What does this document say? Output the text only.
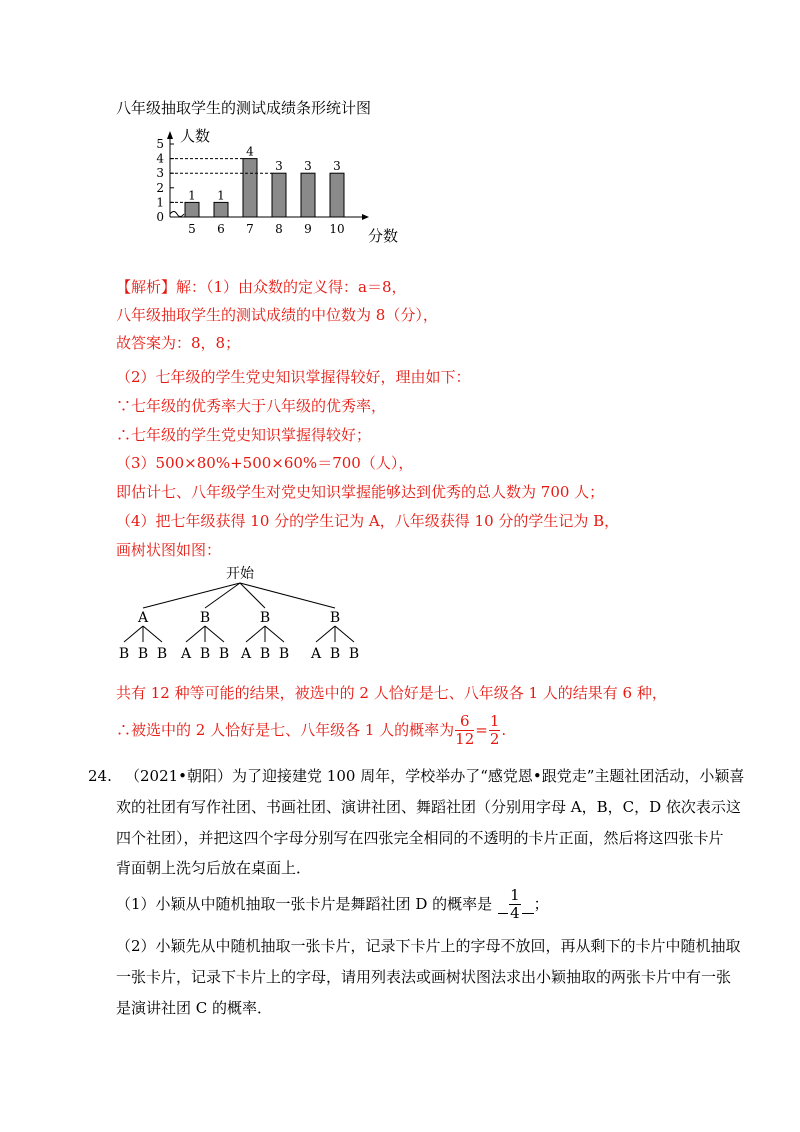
八年级抽取学生的测试成绩条形统计图
人数
分数
0
1
2
3
4
5
1
5
1
6
4
7
3
8
3
9
3
10
【解析】解：（1）由众数的定义得：a＝8，
八年级抽取学生的测试成绩的中位数为 8（分），
故答案为：8，8；
（2）七年级的学生党史知识掌握得较好，理由如下：
∵七年级的优秀率大于八年级的优秀率，
∴七年级的学生党史知识掌握得较好；
（3）500×80%+500×60%＝700（人），
即估计七、八年级学生对党史知识掌握能够达到优秀的总人数为 700 人；
（4）把七年级获得 10 分的学生记为 A，八年级获得 10 分的学生记为 B，
画树状图如图：
开始
A
B B B
B
A B B
B
A B B
B
A B B
共有 12 种等可能的结果，被选中的 2 人恰好是七、八年级各 1 人的结果有 6 种，
∴被选中的 2 人恰好是七、八年级各 1 人的概率为 $\frac{6}{12} = \frac{1}{2}$ .
24. （2021•朝阳）为了迎接建党 100 周年，学校举办了“感党恩•跟党走”主题社团活动，小颖喜
欢的社团有写作社团、书画社团、演讲社团、舞蹈社团（分别用字母 A，B，C，D 依次表示这
四个社团），并把这四个字母分别写在四张完全相同的不透明的卡片正面，然后将这四张卡片
背面朝上洗匀后放在桌面上．
（1）小颖从中随机抽取一张卡片是舞蹈社团 D 的概率是 $\frac{1}{4}$ ；
（2）小颖先从中随机抽取一张卡片，记录下卡片上的字母不放回，再从剩下的卡片中随机抽取
一张卡片，记录下卡片上的字母，请用列表法或画树状图法求出小颖抽取的两张卡片中有一张
是演讲社团 C 的概率．
